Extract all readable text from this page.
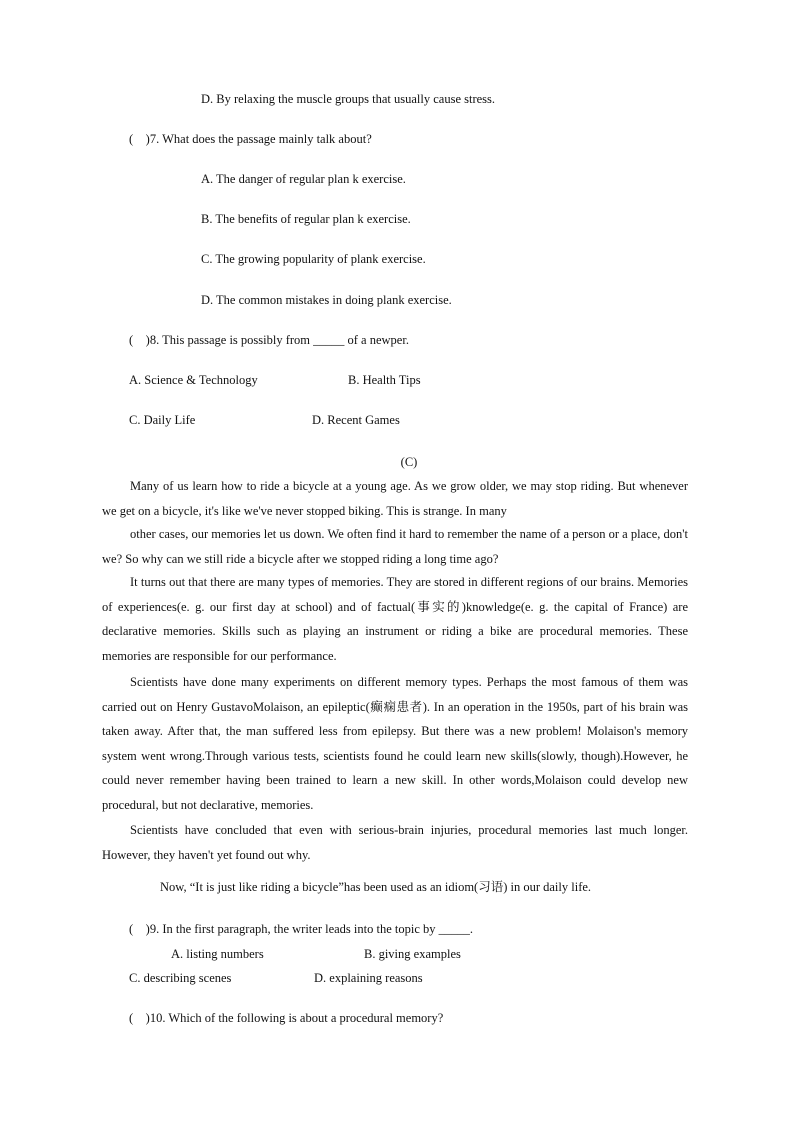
D. By relaxing the muscle groups that usually cause stress.
(    )7. What does the passage mainly talk about?
A. The danger of regular plan k exercise.
B. The benefits of regular plan k exercise.
C. The growing popularity of plank exercise.
D. The common mistakes in doing plank exercise.
(    )8. This passage is possibly from _____ of a newper.
A. Science & Technology	B. Health Tips
C. Daily Life	D. Recent Games
(C)

Many of us learn how to ride a bicycle at a young age. As we grow older, we may stop riding. But whenever we get on a bicycle, it's like we've never stopped biking. This is strange. In many

other cases, our memories let us down. We often find it hard to remember the name of a person or a place, don't we? So why can we still ride a bicycle after we stopped riding a long time ago?

It turns out that there are many types of memories. They are stored in different regions of our brains. Memories of experiences(e. g. our first day at school) and of factual(事实的)knowledge(e. g. the capital of France) are declarative memories. Skills such as playing an instrument or riding a bike are procedural memories. These memories are responsible for our performance.

Scientists have done many experiments on different memory types. Perhaps the most famous of them was carried out on Henry GustavoMolaison, an epileptic(癫痫患者). In an operation in the 1950s, part of his brain was taken away. After that, the man suffered less from epilepsy. But there was a new problem! Molaison's memory system went wrong.Through various tests, scientists found he could learn new skills(slowly, though).However, he could never remember having been trained to learn a new skill. In other words,Molaison could develop new procedural, but not declarative, memories.

Scientists have concluded that even with serious-brain injuries, procedural memories last much longer. However, they haven't yet found out why.

Now, “It is just like riding a bicycle”has been used as an idiom(习语) in our daily life.
(    )9. In the first paragraph, the writer leads into the topic by _____.
A. listing numbers	B. giving examples
C. describing scenes	D. explaining reasons
(    )10. Which of the following is about a procedural memory?
